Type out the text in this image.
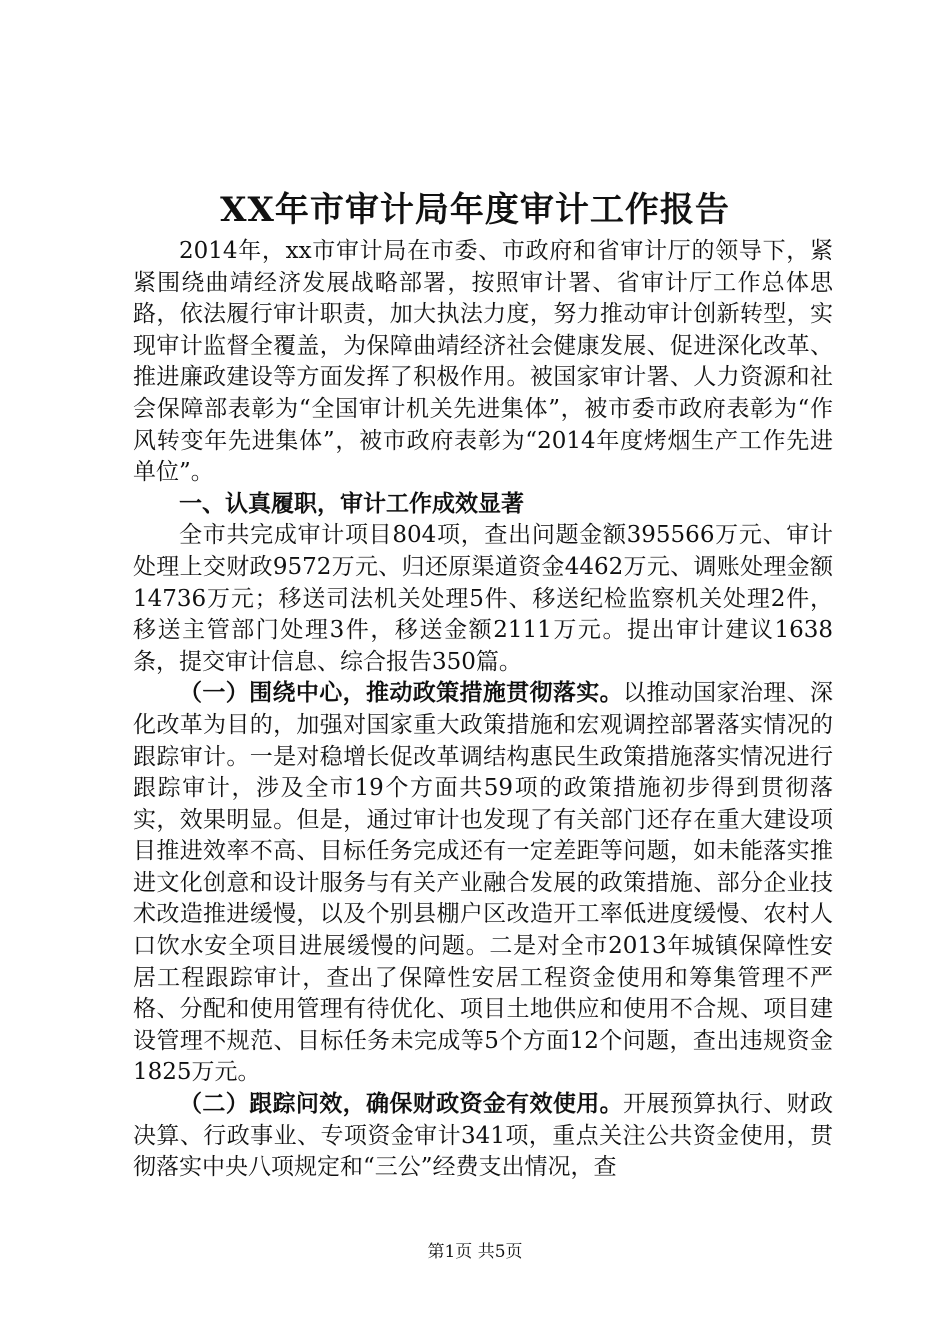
XX年市审计局年度审计工作报告

2014年，xx市审计局在市委、市政府和省审计厅的领导下，紧紧围绕曲靖经济发展战略部署，按照审计署、省审计厅工作总体思路，依法履行审计职责，加大执法力度，努力推动审计创新转型，实现审计监督全覆盖，为保障曲靖经济社会健康发展、促进深化改革、推进廉政建设等方面发挥了积极作用。被国家审计署、人力资源和社会保障部表彰为“全国审计机关先进集体”，被市委市政府表彰为“作风转变年先进集体”，被市政府表彰为“2014年度烤烟生产工作先进单位”。

一、认真履职，审计工作成效显著

全市共完成审计项目804项，查出问题金额395566万元、审计处理上交财政9572万元、归还原渠道资金4462万元、调账处理金额14736万元；移送司法机关处理5件、移送纪检监察机关处理2件，移送主管部门处理3件，移送金额2111万元。提出审计建议1638条，提交审计信息、综合报告350篇。

（一）围绕中心，推动政策措施贯彻落实。以推动国家治理、深化改革为目的，加强对国家重大政策措施和宏观调控部署落实情况的跟踪审计。一是对稳增长促改革调结构惠民生政策措施落实情况进行跟踪审计，涉及全市19个方面共59项的政策措施初步得到贯彻落实，效果明显。但是，通过审计也发现了有关部门还存在重大建设项目推进效率不高、目标任务完成还有一定差距等问题，如未能落实推进文化创意和设计服务与有关产业融合发展的政策措施、部分企业技术改造推进缓慢，以及个别县棚户区改造开工率低进度缓慢、农村人口饮水安全项目进展缓慢的问题。二是对全市2013年城镇保障性安居工程跟踪审计，查出了保障性安居工程资金使用和筹集管理不严格、分配和使用管理有待优化、项目土地供应和使用不合规、项目建设管理不规范、目标任务未完成等5个方面12个问题，查出违规资金1825万元。

（二）跟踪问效，确保财政资金有效使用。开展预算执行、财政决算、行政事业、专项资金审计341项，重点关注公共资金使用，贯彻落实中央八项规定和“三公”经费支出情况，查

第1页 共5页
